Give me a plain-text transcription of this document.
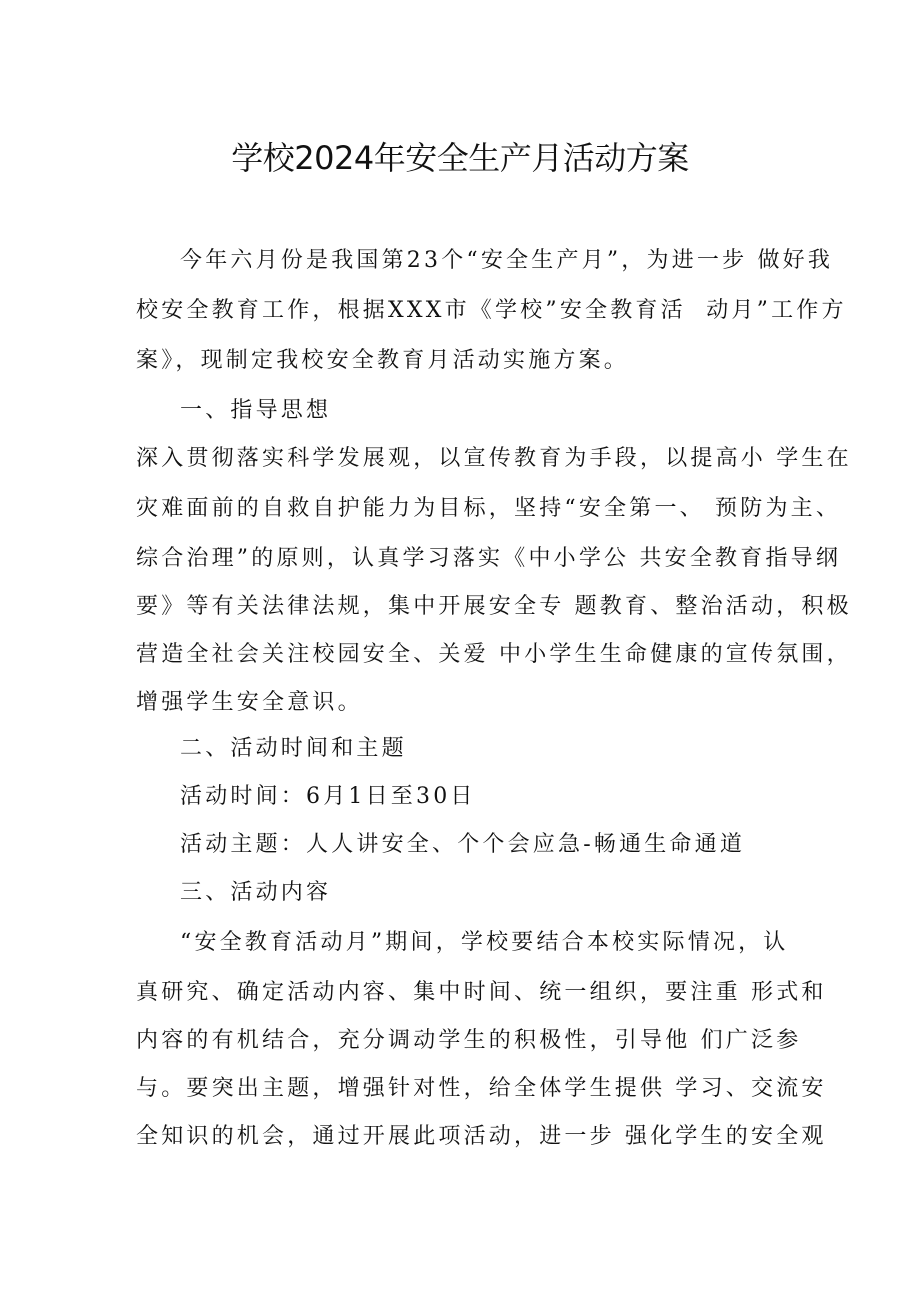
学校2024年安全生产月活动方案
今年六月份是我国第23个“安全生产月”，为进一步 做好我
校安全教育工作，根据XXX市《学校”安全教育活  动月”工作方
案》，现制定我校安全教育月活动实施方案。
一、指导思想
深入贯彻落实科学发展观，以宣传教育为手段，以提高小 学生在
灾难面前的自救自护能力为目标，坚持“安全第一、 预防为主、
综合治理”的原则，认真学习落实《中小学公 共安全教育指导纲
要》等有关法律法规，集中开展安全专 题教育、整治活动，积极
营造全社会关注校园安全、关爱 中小学生生命健康的宣传氛围，
增强学生安全意识。
二、活动时间和主题
活动时间：6月1日至30日
活动主题：人人讲安全、个个会应急-畅通生命通道
三、活动内容
“安全教育活动月”期间，学校要结合本校实际情况，认
真研究、确定活动内容、集中时间、统一组织，要注重 形式和
内容的有机结合，充分调动学生的积极性，引导他 们广泛参
与。要突出主题，增强针对性，给全体学生提供 学习、交流安
全知识的机会，通过开展此项活动，进一步 强化学生的安全观
